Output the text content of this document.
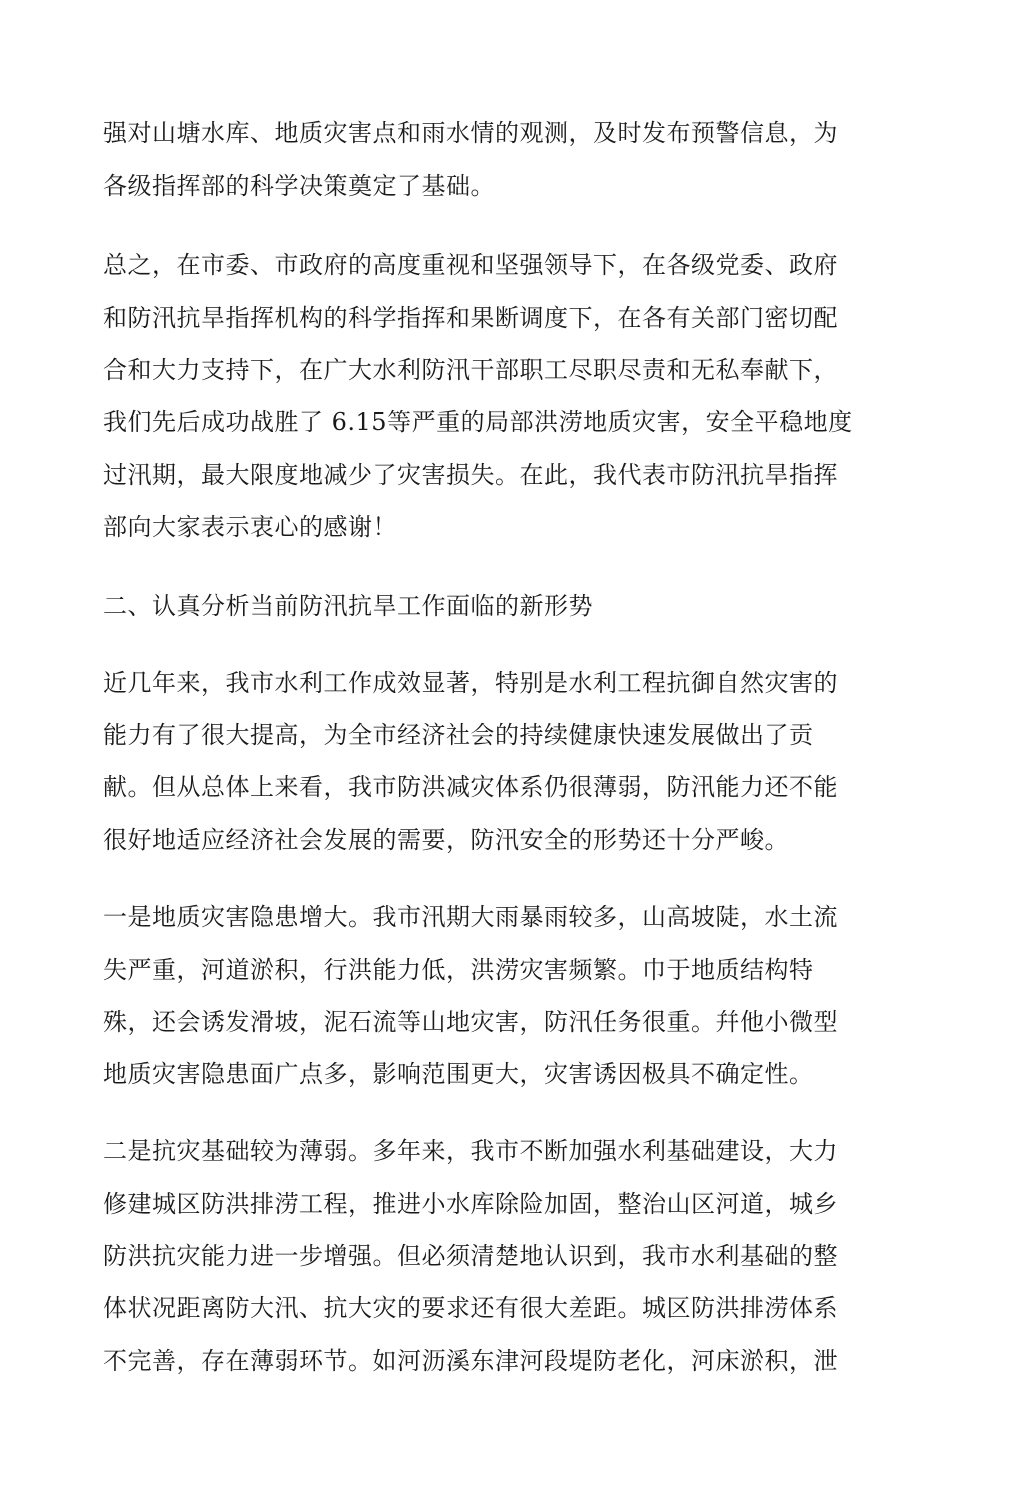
强对山塘水库、地质灾害点和雨水情的观测，及时发布预警信息，为
各级指挥部的科学决策奠定了基础。
总之，在市委、市政府的高度重视和坚强领导下，在各级党委、政府
和防汛抗旱指挥机构的科学指挥和果断调度下，在各有关部门密切配
合和大力支持下，在广大水利防汛干部职工尽职尽责和无私奉献下，
我们先后成功战胜了 6.15等严重的局部洪涝地质灾害，安全平稳地度
过汛期，最大限度地减少了灾害损失。在此，我代表市防汛抗旱指挥
部向大家表示衷心的感谢！
二、认真分析当前防汛抗旱工作面临的新形势
近几年来，我市水利工作成效显著，特别是水利工程抗御自然灾害的
能力有了很大提高，为全市经济社会的持续健康快速发展做出了贡
献。但从总体上来看，我市防洪减灾体系仍很薄弱，防汛能力还不能
很好地适应经济社会发展的需要，防汛安全的形势还十分严峻。
一是地质灾害隐患增大。我市汛期大雨暴雨较多，山高坡陡，水土流
失严重，河道淤积，行洪能力低，洪涝灾害频繁。巾于地质结构特
殊，还会诱发滑坡，泥石流等山地灾害，防汛任务很重。幷他小微型
地质灾害隐患面广点多，影响范围更大，灾害诱因极具不确定性。
二是抗灾基础较为薄弱。多年来，我市不断加强水利基础建设，大力
修建城区防洪排涝工程，推进小水库除险加固，整治山区河道，城乡
防洪抗灾能力进一步增强。但必须清楚地认识到，我市水利基础的整
体状况距离防大汛、抗大灾的要求还有很大差距。城区防洪排涝体系
不完善，存在薄弱环节。如河沥溪东津河段堤防老化，河床淤积，泄
